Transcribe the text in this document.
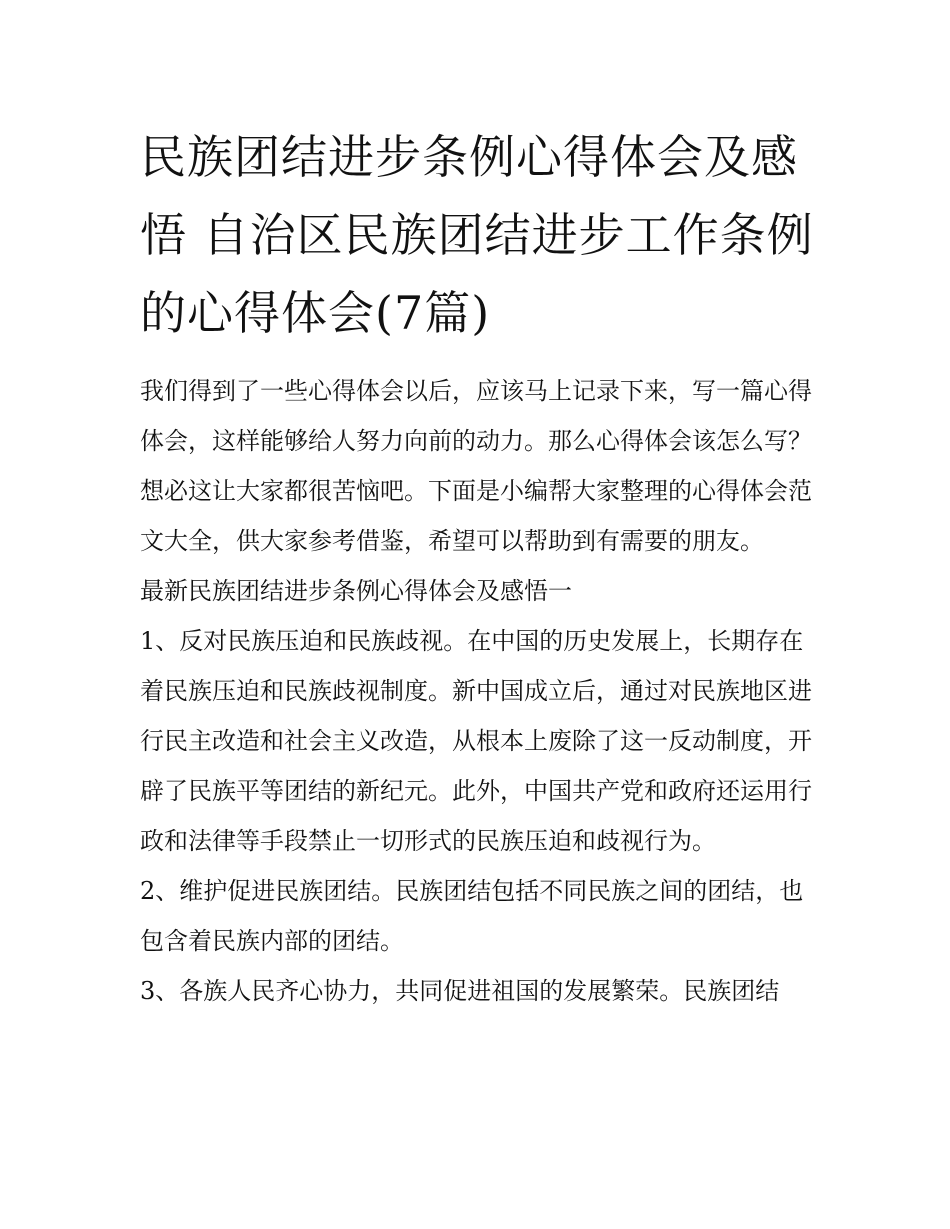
民族团结进步条例心得体会及感悟 自治区民族团结进步工作条例的心得体会(7篇)

我们得到了一些心得体会以后，应该马上记录下来，写一篇心得体会，这样能够给人努力向前的动力。那么心得体会该怎么写？想必这让大家都很苦恼吧。下面是小编帮大家整理的心得体会范文大全，供大家参考借鉴，希望可以帮助到有需要的朋友。

最新民族团结进步条例心得体会及感悟一

1、反对民族压迫和民族歧视。在中国的历史发展上，长期存在着民族压迫和民族歧视制度。新中国成立后，通过对民族地区进行民主改造和社会主义改造，从根本上废除了这一反动制度，开辟了民族平等团结的新纪元。此外，中国共产党和政府还运用行政和法律等手段禁止一切形式的民族压迫和歧视行为。

2、维护促进民族团结。民族团结包括不同民族之间的团结，也包含着民族内部的团结。

3、各族人民齐心协力，共同促进祖国的发展繁荣。民族团结
